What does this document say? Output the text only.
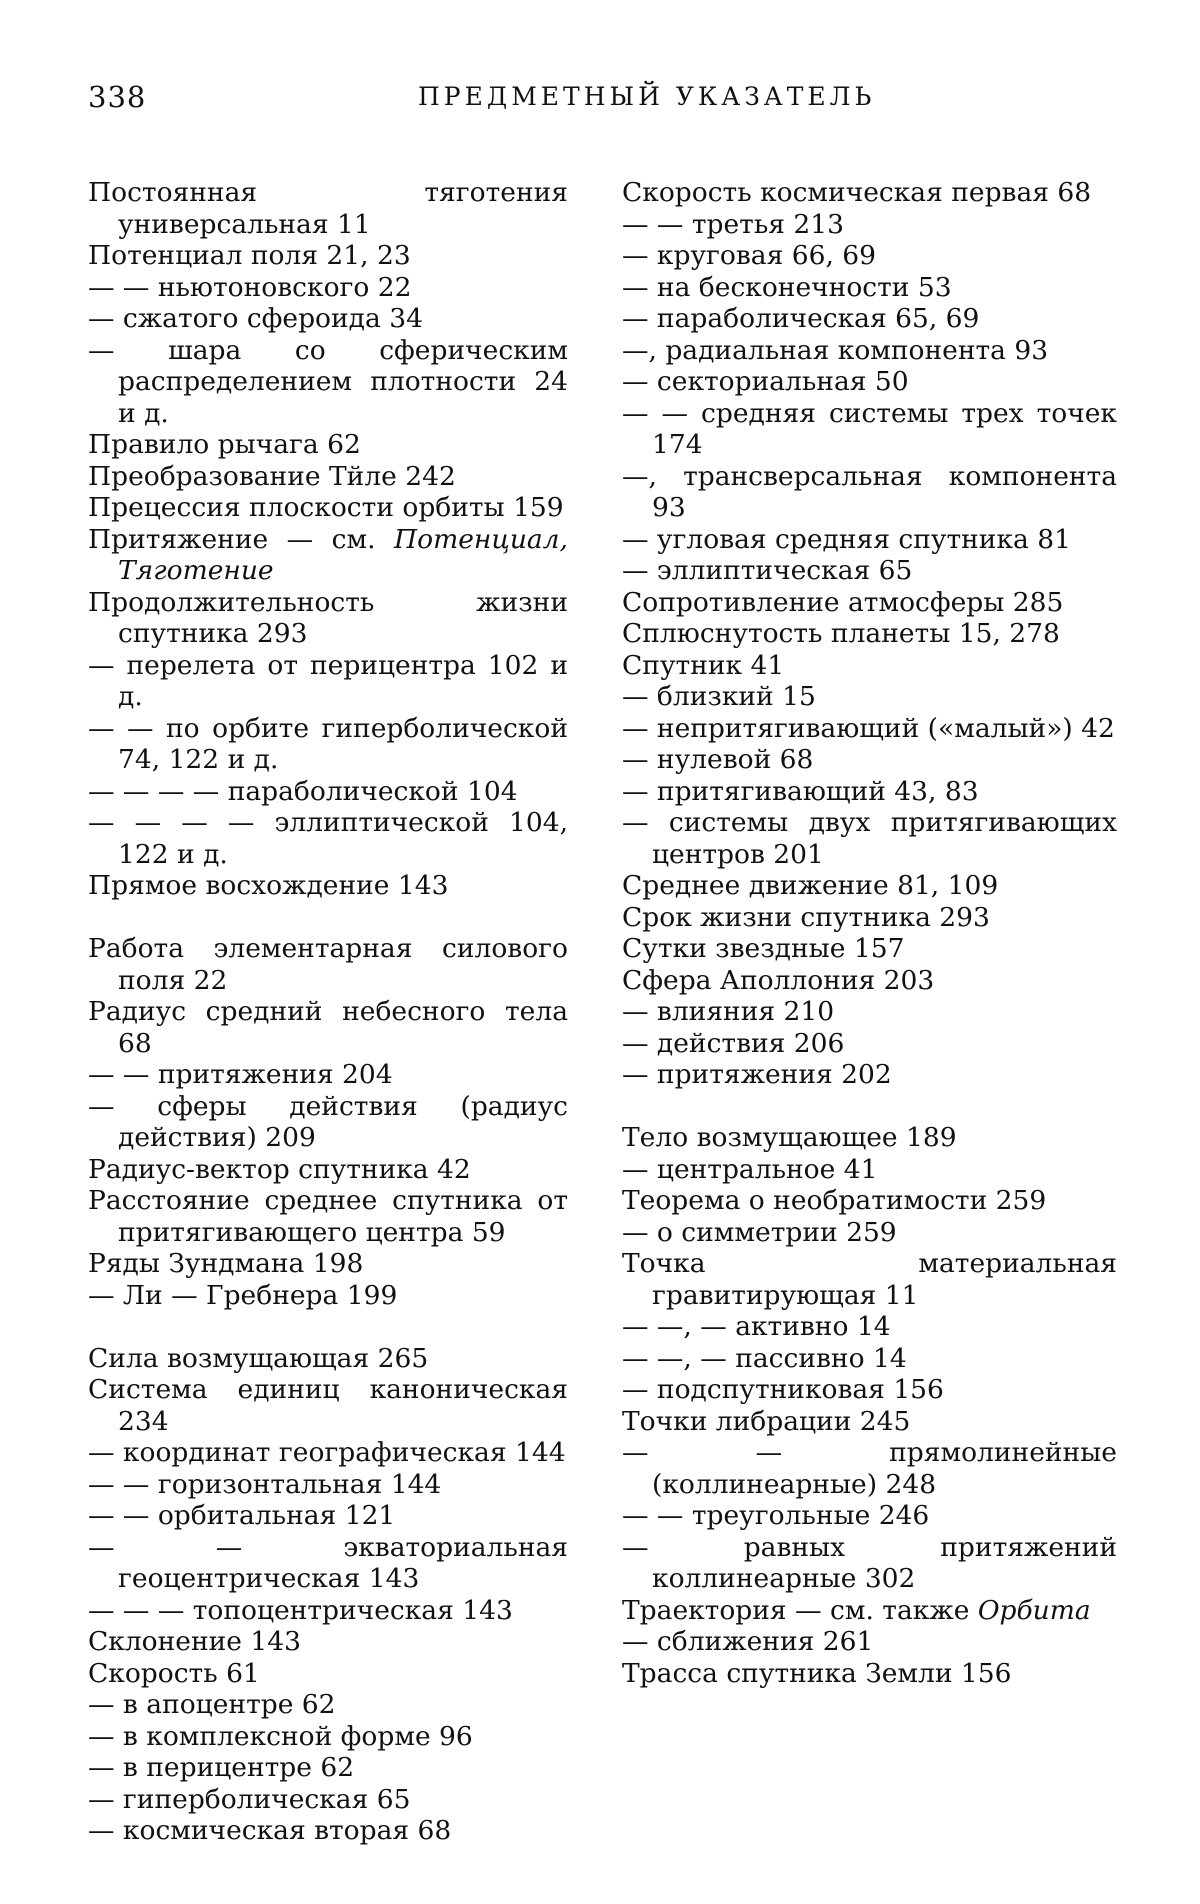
338	ПРЕДМЕТНЫЙ УКАЗАТЕЛЬ

Постоянная тяготения универсальная 11

Потенциал поля 21, 23

— — ньютоновского 22

— сжатого сфероида 34

— шара со сферическим распределением плотности 24 и д.

Правило рычага 62

Преобразование Тйле 242

Прецессия плоскости орбиты 159

Притяжение — см. Потенциал, Тяготение

Продолжительность жизни спутника 293

— перелета от перицентра 102 и д.

— — по орбите гиперболической 74, 122 и д.

— — — — параболической 104

— — — — эллиптической 104, 122 и д.

Прямое восхождение 143

Работа элементарная силового поля 22

Радиус средний небесного тела 68

— — притяжения 204

— сферы действия (радиус действия) 209

Радиус-вектор спутника 42

Расстояние среднее спутника от притягивающего центра 59

Ряды Зундмана 198

— Ли — Гребнера 199

Сила возмущающая 265

Система единиц каноническая 234

— координат географическая 144

— — горизонтальная 144

— — орбитальная 121

— — экваториальная геоцентрическая 143

— — — топоцентрическая 143

Склонение 143

Скорость 61

— в апоцентре 62

— в комплексной форме 96

— в перицентре 62

— гиперболическая 65

— космическая вторая 68

Скорость космическая первая 68

— — третья 213

— круговая 66, 69

— на бесконечности 53

— параболическая 65, 69

—, радиальная компонента 93

— секториальная 50

— — средняя системы трех точек 174

—, трансверсальная компонента 93

— угловая средняя спутника 81

— эллиптическая 65

Сопротивление атмосферы 285

Сплюснутость планеты 15, 278

Спутник 41

— близкий 15

— непритягивающий («малый») 42

— нулевой 68

— притягивающий 43, 83

— системы двух притягивающих центров 201

Среднее движение 81, 109

Срок жизни спутника 293

Сутки звездные 157

Сфера Аполлония 203

— влияния 210

— действия 206

— притяжения 202

Тело возмущающее 189

— центральное 41

Теорема о необратимости 259

— о симметрии 259

Точка материальная гравитирующая 11

— —, — активно 14

— —, — пассивно 14

— подспутниковая 156

Точки либрации 245

— — прямолинейные (коллинеарные) 248

— — треугольные 246

— равных притяжений коллинеарные 302

Траектория — см. также Орбита

— сближения 261

Трасса спутника Земли 156
